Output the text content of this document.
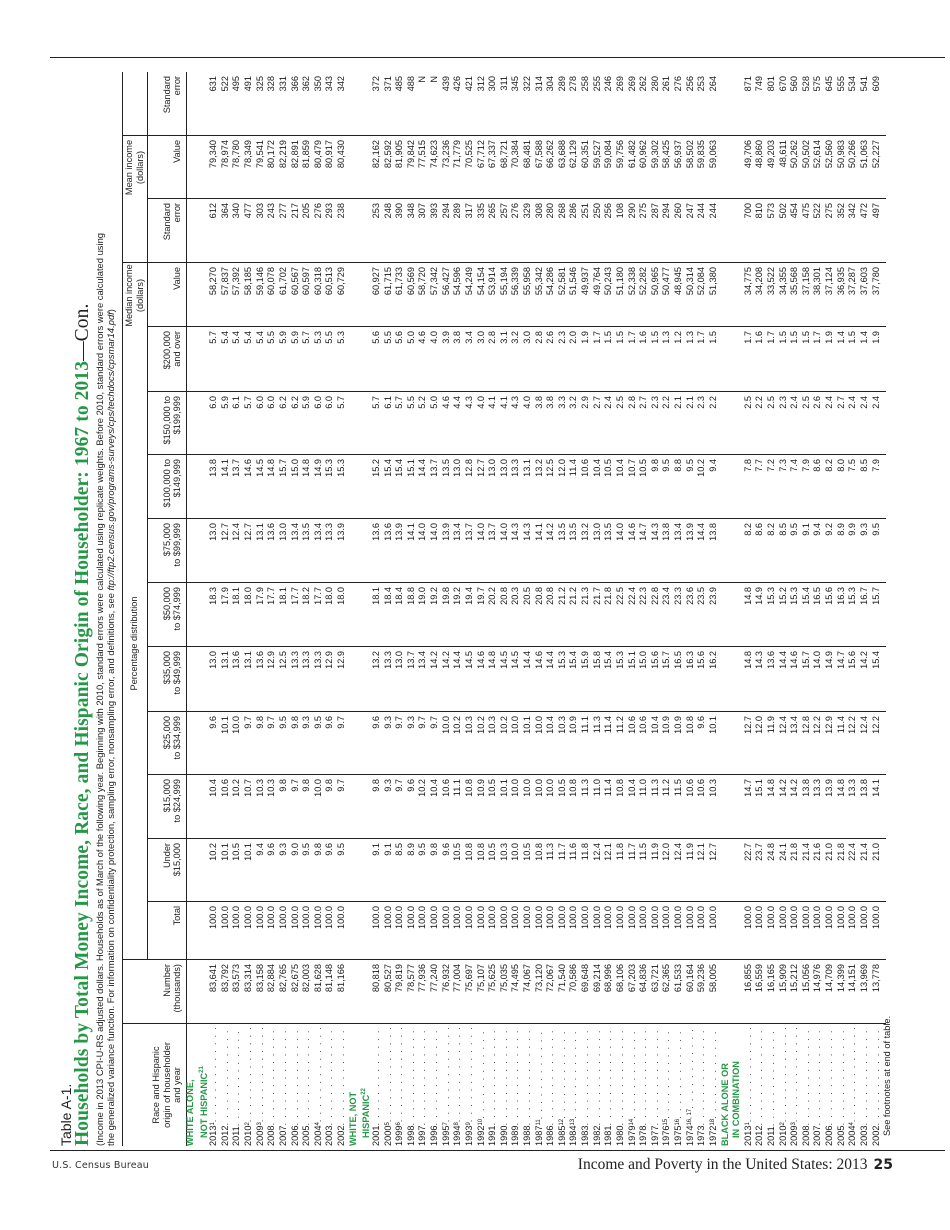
U.S. Census Bureau	Income and Poverty in the United States: 2013 25
Table A-1.
Households by Total Money Income, Race, and Hispanic Origin of Householder: 1967 to 2013—Con. (Income in 2013 CPI-U-RS adjusted dollars. Households as of March of the following year. Beginning with 2010, standard errors were calculated using replicate weights. Before 2010, standard errors were calculated using the generalized variance function. For information on confidentiality protection, sampling error, nonsampling error, and definitions, see ftp://ftp2.census.gov/programs-surveys/cps/techdocs/cpsmar14.pdf)
Race and Hispanic origin of householder and year
Percentage distribution
Median income (dollars)
Mean income (dollars)
Number (thousands)
Total
Under $15,000
$15,000 to $24,999
$25,000 to $34,999
$35,000 to $49,999
$50,000 to $74,999
$75,000 to $99,999
$100,000 to $149,999
$150,000 to $199,999
$200,000 and over
Value
Standard error
Value
Standard error
WHITE ALONE, NOT HISPANIC$^{21}$
2013
1
. . .
83,641
100.0
10.2
10.4
9.6
13.0
18.3
13.0
13.8
6.0
5.7
58,270
612
79,340
631
2012
. . .
83,792
100.0
10.1
10.6
10.1
13.1
17.9
12.7
14.1
5.9
5.4
57,837
364
78,974
522
2011
. . .
83,573
100.0
10.5
10.2
10.0
13.6
18.1
12.4
13.7
6.1
5.4
57,392
340
78,780
495
2010
2
. . .
83,314
100.0
10.1
10.7
9.7
13.1
18.0
12.7
14.6
5.7
5.4
58,185
477
78,349
491
2009
3
. . .
83,158
100.0
9.4
10.3
9.8
13.6
17.9
13.1
14.5
6.0
5.4
59,146
303
79,541
325
2008
. . .
82,884
100.0
9.6
10.3
9.7
12.9
17.7
13.6
14.8
6.0
5.5
60,078
243
80,172
328
2007
. . .
82,765
100.0
9.3
9.8
9.5
12.5
18.1
13.0
15.7
6.2
5.9
61,702
277
82,219
331
2006
. . .
82,675
100.0
9.0
9.7
9.8
13.3
17.7
13.4
15.0
6.2
5.9
60,567
217
82,891
366
2005
. . .
82,003
100.0
9.5
9.8
9.3
13.3
18.2
13.5
14.8
5.9
5.7
60,597
205
81,859
362
2004
4
. . .
81,628
100.0
9.8
10.0
9.5
13.3
17.7
13.4
14.9
6.0
5.3
60,318
276
80,479
350
2003
. . .
81,148
100.0
9.6
9.8
9.6
12.9
18.0
13.3
15.3
6.0
5.5
60,513
293
80,917
343
2002
. . .
81,166
100.0
9.5
9.7
9.7
12.9
18.0
13.9
15.3
5.7
5.3
60,729
238
80,430
342
WHITE, NOT HISPANIC$^{22}$
2001
. . .
80,818
100.0
9.1
9.8
9.6
13.2
18.1
13.6
15.2
5.7
5.6
60,927
253
82,162
372
2000
5
. . .
80,527
100.0
9.1
9.3
9.3
13.3
18.4
13.6
15.4
6.1
5.5
61,715
248
82,592
371
1999
6
. . .
79,819
100.0
8.5
9.7
9.7
13.0
18.4
13.9
15.4
5.7
5.6
61,733
390
81,905
485
1998
. . .
78,577
100.0
8.9
9.6
9.3
13.7
18.8
14.1
15.1
5.5
5.0
60,569
348
79,842
488
1997
. . .
77,936
100.0
9.5
10.2
9.7
13.4
19.0
14.0
14.4
5.2
4.6
58,720
307
77,515
N
1996
. . .
77,240
100.0
9.8
10.4
9.7
14.2
19.2
14.0
13.7
5.0
4.0
57,342
393
74,623
N
1995
7
. . .
76,932
100.0
9.6
10.6
10.0
14.2
19.8
13.9
13.5
4.6
3.9
56,427
294
73,236
439
1994
8
. . .
77,004
100.0
10.5
11.1
10.2
14.4
19.2
13.4
13.0
4.4
3.8
54,596
289
71,779
426
1993
9
. . .
75,697
100.0
10.8
10.8
10.3
14.5
19.4
13.7
12.8
4.3
3.4
54,249
317
70,525
421
1992
10
. . .
75,107
100.0
10.8
10.9
10.2
14.6
19.7
14.0
12.7
4.0
3.0
54,154
335
67,712
312
1991
. . .
75,625
100.0
10.5
10.5
10.3
14.8
20.2
13.7
13.0
4.1
2.8
53,914
265
67,337
300
1990
. . .
75,035
100.0
10.3
10.1
10.2
14.5
20.8
14.0
13.0
4.1
3.1
55,194
257
68,721
311
1989
. . .
74,495
100.0
10.0
10.0
10.0
14.5
20.3
14.3
13.3
4.3
3.2
56,339
276
70,384
345
1988
. . .
74,067
100.0
10.5
10.0
10.1
14.4
20.5
14.3
13.1
4.0
3.0
55,958
329
68,481
322
1987
11
. . .
73,120
100.0
10.8
10.0
10.0
14.6
20.8
14.1
13.2
3.8
2.8
55,342
308
67,588
314
1986
. . .
72,067
100.0
11.3
10.0
10.4
14.4
20.8
14.2
12.5
3.8
2.6
54,286
280
66,262
304
1985
12
. . .
71,540
100.0
11.7
10.5
10.3
15.3
21.2
13.5
12.0
3.3
2.3
52,581
268
63,688
289
1984
13
. . .
70,586
100.0
11.6
10.8
10.9
15.4
21.2
13.5
11.4
3.2
2.0
51,546
286
62,129
278
1983
. . .
69,648
100.0
11.8
11.3
11.1
15.9
21.3
13.2
10.6
2.9
1.9
49,937
251
60,351
258
1982
. . .
69,214
100.0
12.4
11.0
11.3
15.8
21.7
13.0
10.4
2.7
1.7
49,764
250
59,527
255
1981
. . .
68,996
100.0
12.1
11.4
11.4
15.4
21.8
13.5
10.5
2.4
1.5
50,243
256
59,084
246
1980
. . .
68,106
100.0
11.8
10.8
11.2
15.3
22.5
14.0
10.4
2.5
1.5
51,180
108
59,756
269
1979
14
. . .
67,203
100.0
11.7
10.4
10.6
15.1
22.4
14.6
10.7
2.8
1.7
52,338
290
61,482
269
1978
. . .
64,836
100.0
11.5
11.0
10.6
15.0
22.3
14.7
10.5
2.7
1.6
52,282
275
60,962
262
1977
. . .
63,721
100.0
11.9
11.3
10.4
15.6
22.8
14.3
9.8
2.3
1.5
50,965
287
59,302
280
1976
15
. . .
62,365
100.0
12.0
11.2
10.9
15.7
23.4
13.8
9.5
2.2
1.3
50,477
294
58,425
261
1975
16
. . .
61,533
100.0
12.4
11.5
10.9
16.5
23.3
13.4
8.8
2.1
1.2
48,945
260
56,937
276
1974
16, 17
. . .
60,164
100.0
11.9
10.6
10.8
16.3
23.6
13.9
9.5
2.1
1.3
50,314
247
58,502
256
1973
. . .
59,236
100.0
12.1
10.6
9.6
15.6
23.5
14.4
10.2
2.3
1.7
52,084
244
59,835
253
1972
18
. . .
58,005
100.0
12.7
10.3
10.1
16.2
23.9
13.8
9.4
2.2
1.5
51,380
244
59,063
264
BLACK ALONE OR IN COMBINATION 2013
1
. . .
16,855
100.0
22.7
14.7
12.7
14.8
14.8
8.2
7.8
2.5
1.7
34,775
700
49,706
871
2012
. . .
16,559
100.0
23.7
15.1
12.0
14.3
14.9
8.6
7.7
2.2
1.6
34,208
810
48,860
749
2011
. . .
16,165
100.0
24.8
14.8
11.9
13.6
15.3
8.2
7.2
2.5
1.7
33,522
573
49,203
801
2010
2
. . .
15,909
100.0
24.1
14.2
12.4
14.4
15.2
8.5
7.3
2.3
1.5
34,355
502
48,611
670
2009
3
. . .
15,212
100.0
21.8
14.2
13.4
14.6
15.3
9.5
7.4
2.4
1.5
35,568
454
50,262
560
2008
. . .
15,056
100.0
21.4
13.8
12.8
15.7
15.4
9.1
7.9
2.5
1.5
37,158
475
50,502
528
2007
. . .
14,976
100.0
21.6
13.3
12.2
14.0
16.5
9.4
8.6
2.6
1.7
38,301
522
52,614
575
2006
. . .
14,709
100.0
21.0
13.9
12.9
14.9
15.6
9.2
8.2
2.4
1.9
37,124
275
52,560
645
2005
. . .
14,399
100.0
21.8
14.8
11.4
14.7
16.3
8.9
8.0
2.7
1.4
36,935
352
50,983
555
2004
4
. . .
14,151
100.0
22.4
13.3
12.2
15.6
15.3
9.9
7.5
2.4
1.5
37,287
342
50,266
534
2003
. . .
13,969
100.0
21.4
13.8
12.4
14.2
16.7
9.3
8.5
2.4
1.4
37,603
472
51,063
541
2002
. . .
13,778
100.0
21.0
14.1
12.2
15.4
15.7
9.5
7.9
2.4
1.9
37,780
497
52,227
609
See footnotes at end of table.
